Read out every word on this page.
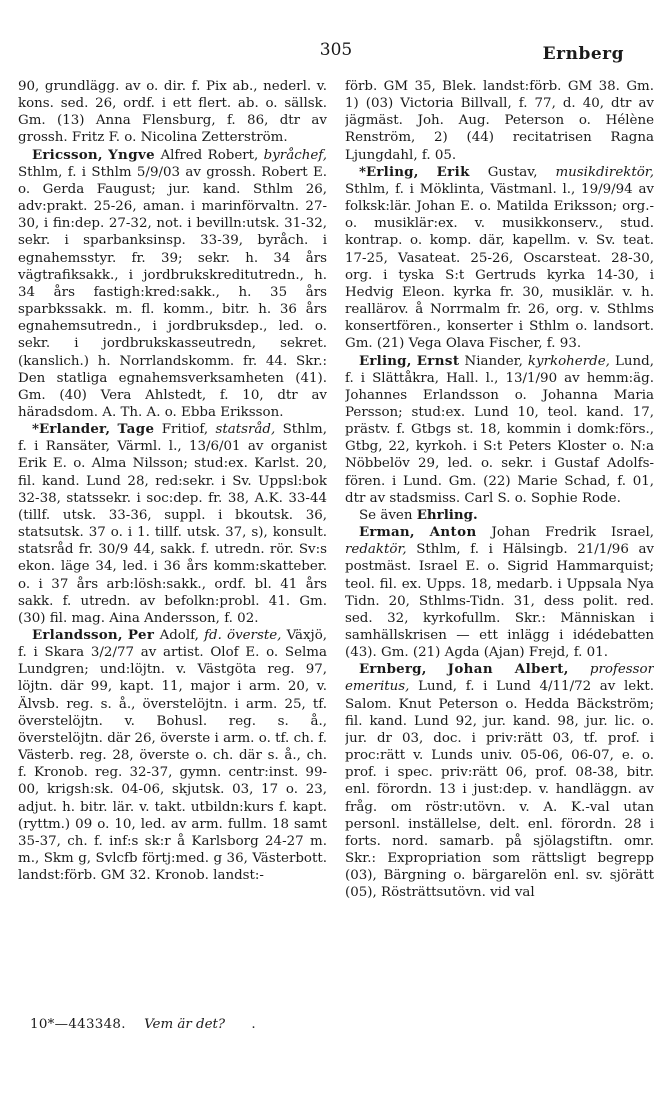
305	Ernberg

90, grundlägg. av o. dir. f. Pix ab., nederl. v. kons. sed. 26, ordf. i ett flert. ab. o. sällsk. Gm. (13) Anna Flensburg, f. 86, dtr av grossh. Fritz F. o. Nicolina Zetterström.

Ericsson, Yngve Alfred Robert, byråchef, Sthlm, f. i Sthlm 5/9/03 av grossh. Robert E. o. Gerda Faugust; jur. kand. Sthlm 26, adv:prakt. 25-26, aman. i marinförvaltn. 27-30, i fin:dep. 27-32, not. i bevilln:utsk. 31-32, sekr. i sparbanksinsp. 33-39, byråch. i egnahemsstyr. fr. 39; sekr. h. 34 års vägtrafiksakk., i jordbrukskreditutredn., h. 34 års fastigh:kred:sakk., h. 35 års sparbkssakk. m. fl. komm., bitr. h. 36 års egnahemsutredn., i jordbruksdep., led. o. sekr. i jordbrukskasseutredn, sekret. (kanslich.) h. Norrlandskomm. fr. 44. Skr.: Den statliga egnahemsverksamheten (41). Gm. (40) Vera Ahlstedt, f. 10, dtr av häradsdom. A. Th. A. o. Ebba Eriksson.

*Erlander, Tage Fritiof, statsråd, Sthlm, f. i Ransäter, Värml. l., 13/6/01 av organist Erik E. o. Alma Nilsson; stud:ex. Karlst. 20, fil. kand. Lund 28, red:sekr. i Sv. Uppsl:bok 32-38, statssekr. i soc:dep. fr. 38, A.K. 33-44 (tillf. utsk. 33-36, suppl. i bkoutsk. 36, statsutsk. 37 o. i 1. tillf. utsk. 37, s), konsult. statsråd fr. 30/9 44, sakk. f. utredn. rör. Sv:s ekon. läge 34, led. i 36 års komm:skatteber. o. i 37 års arb:lösh:sakk., ordf. bl. 41 års sakk. f. utredn. av befolkn:probl. 41. Gm. (30) fil. mag. Aina Andersson, f. 02.

Erlandsson, Per Adolf, fd. överste, Växjö, f. i Skara 3/2/77 av artist. Olof E. o. Selma Lundgren; und:löjtn. v. Västgöta reg. 97, löjtn. där 99, kapt. 11, major i arm. 20, v. Älvsb. reg. s. å., överstelöjtn. i arm. 25, tf. överstelöjtn. v. Bohusl. reg. s. å., överstelöjtn. där 26, överste i arm. o. tf. ch. f. Västerb. reg. 28, överste o. ch. där s. å., ch. f. Kronob. reg. 32-37, gymn. centr:inst. 99-00, krigsh:sk. 04-06, skjutsk. 03, 17 o. 23, adjut. h. bitr. lär. v. takt. utbildn:kurs f. kapt. (ryttm.) 09 o. 10, led. av arm. fullm. 18 samt 35-37, ch. f. inf:s sk:r å Karlsborg 24-27 m. m., Skm g, Svlcfb förtj:med. g 36, Västerbott. landst:förb. GM 32. Kronob. landst:-

förb. GM 35, Blek. landst:förb. GM 38. Gm. 1) (03) Victoria Billvall, f. 77, d. 40, dtr av jägmäst. Joh. Aug. Peterson o. Hélène Renström, 2) (44) recitatrisen Ragna Ljungdahl, f. 05.

*Erling, Erik Gustav, musikdirektör, Sthlm, f. i Möklinta, Västmanl. l., 19/9/94 av folksk:lär. Johan E. o. Matilda Eriksson; org.- o. musiklär:ex. v. musikkonserv., stud. kontrap. o. komp. där, kapellm. v. Sv. teat. 17-25, Vasateat. 25-26, Oscarsteat. 28-30, org. i tyska S:t Gertruds kyrka 14-30, i Hedvig Eleon. kyrka fr. 30, musiklär. v. h. reallärov. å Norrmalm fr. 26, org. v. Sthlms konsertfören., konserter i Sthlm o. landsort. Gm. (21) Vega Olava Fischer, f. 93.

Erling, Ernst Niander, kyrkoherde, Lund, f. i Slättåkra, Hall. l., 13/1/90 av hemm:äg. Johannes Erlandsson o. Johanna Maria Persson; stud:ex. Lund 10, teol. kand. 17, prästv. f. Gtbgs st. 18, kommin i domk:förs., Gtbg, 22, kyrkoh. i S:t Peters Kloster o. N:a Nöbbelöv 29, led. o. sekr. i Gustaf Adolfs-fören. i Lund. Gm. (22) Marie Schad, f. 01, dtr av stadsmiss. Carl S. o. Sophie Rode.

Se även Ehrling.

Erman, Anton Johan Fredrik Israel, redaktör, Sthlm, f. i Hälsingb. 21/1/96 av postmäst. Israel E. o. Sigrid Hammarquist; teol. fil. ex. Upps. 18, medarb. i Uppsala Nya Tidn. 20, Sthlms-Tidn. 31, dess polit. red. sed. 32, kyrkofullm. Skr.: Människan i samhällskrisen — ett inlägg i idédebatten (43). Gm. (21) Agda (Ajan) Frejd, f. 01.

Ernberg, Johan Albert, professor emeritus, Lund, f. i Lund 4/11/72 av lekt. Salom. Knut Peterson o. Hedda Bäckström; fil. kand. Lund 92, jur. kand. 98, jur. lic. o. jur. dr 03, doc. i priv:rätt 03, tf. prof. i proc:rätt v. Lunds univ. 05-06, 06-07, e. o. prof. i spec. priv:rätt 06, prof. 08-38, bitr. enl. förordn. 13 i just:dep. v. handläggn. av fråg. om röstr:utövn. v. A. K.-val utan personl. inställelse, delt. enl. förordn. 28 i forts. nord. samarb. på sjölagstiftn. omr. Skr.: Expropriation som rättsligt begrepp (03), Bärgning o. bärgarelön enl. sv. sjörätt (05), Rösträttsutövn. vid val

10*—443348. Vem är det? .
